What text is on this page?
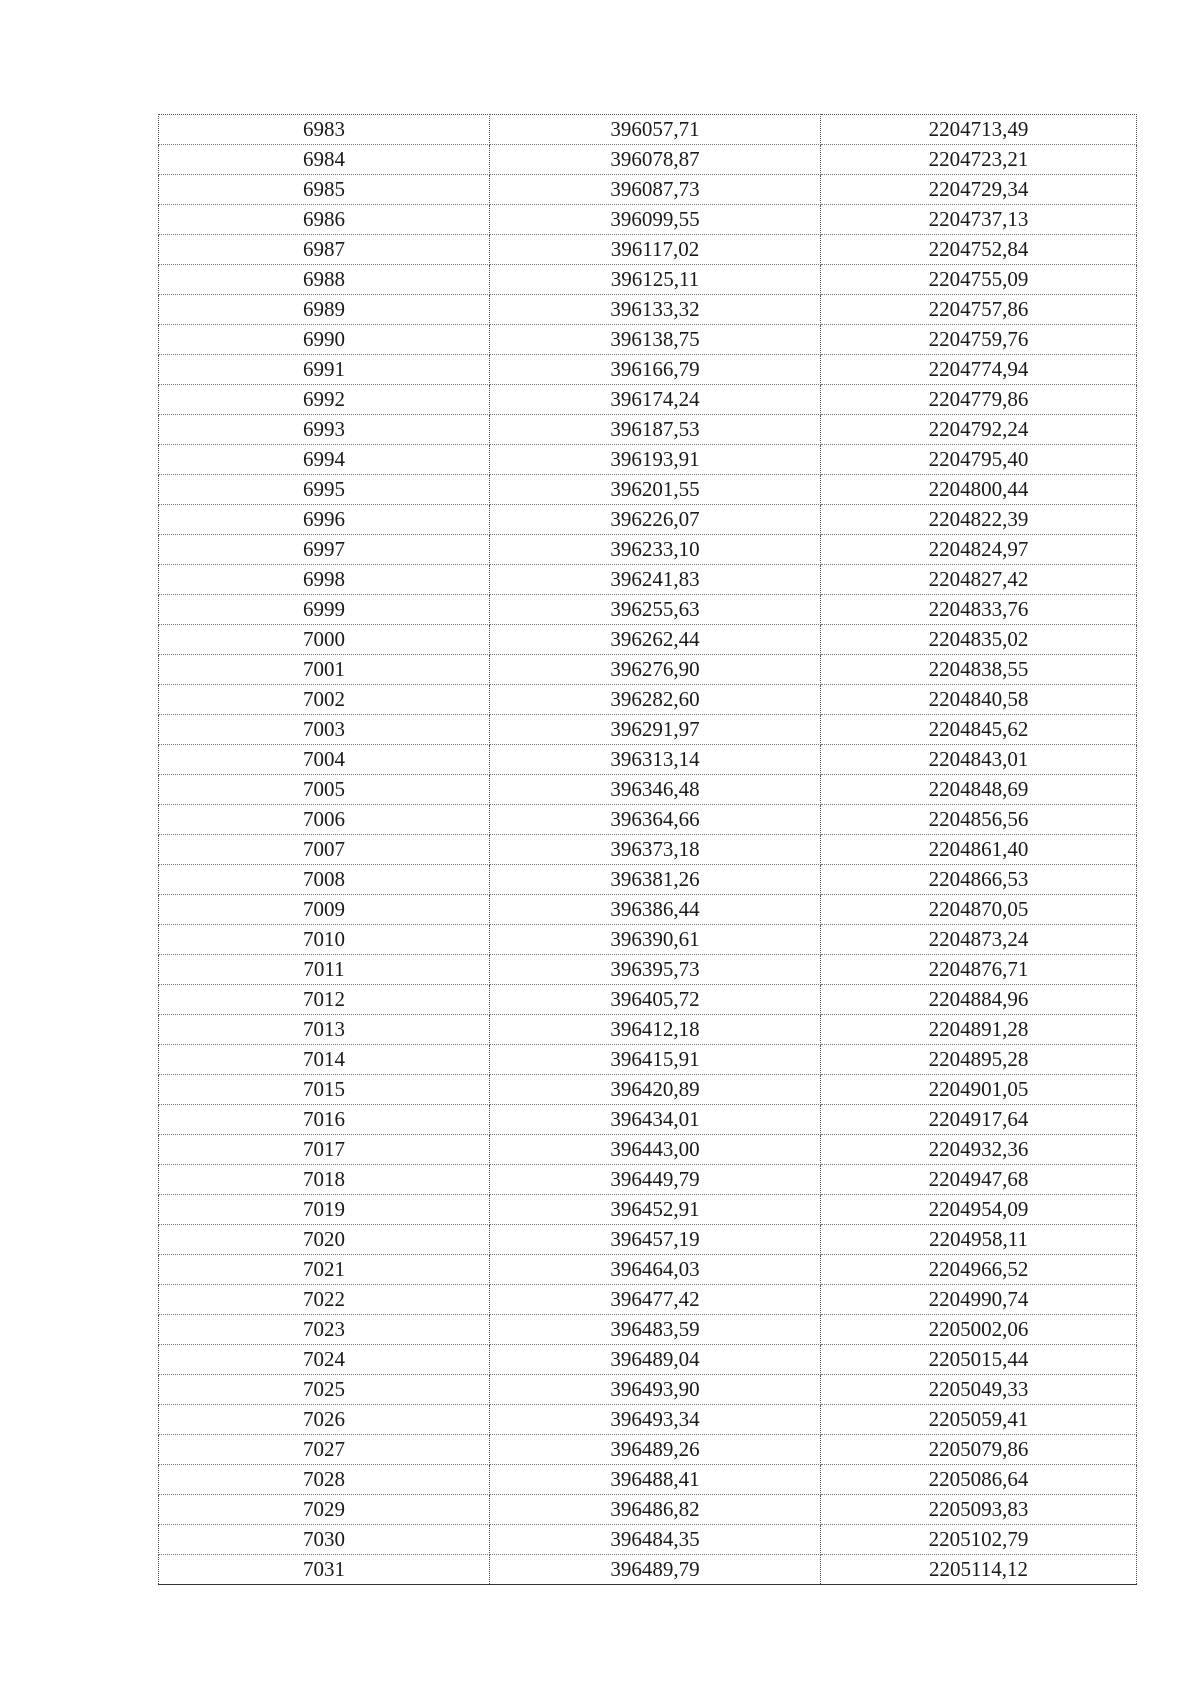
6983	396057,71	2204713,49
6984	396078,87	2204723,21
6985	396087,73	2204729,34
6986	396099,55	2204737,13
6987	396117,02	2204752,84
6988	396125,11	2204755,09
6989	396133,32	2204757,86
6990	396138,75	2204759,76
6991	396166,79	2204774,94
6992	396174,24	2204779,86
6993	396187,53	2204792,24
6994	396193,91	2204795,40
6995	396201,55	2204800,44
6996	396226,07	2204822,39
6997	396233,10	2204824,97
6998	396241,83	2204827,42
6999	396255,63	2204833,76
7000	396262,44	2204835,02
7001	396276,90	2204838,55
7002	396282,60	2204840,58
7003	396291,97	2204845,62
7004	396313,14	2204843,01
7005	396346,48	2204848,69
7006	396364,66	2204856,56
7007	396373,18	2204861,40
7008	396381,26	2204866,53
7009	396386,44	2204870,05
7010	396390,61	2204873,24
7011	396395,73	2204876,71
7012	396405,72	2204884,96
7013	396412,18	2204891,28
7014	396415,91	2204895,28
7015	396420,89	2204901,05
7016	396434,01	2204917,64
7017	396443,00	2204932,36
7018	396449,79	2204947,68
7019	396452,91	2204954,09
7020	396457,19	2204958,11
7021	396464,03	2204966,52
7022	396477,42	2204990,74
7023	396483,59	2205002,06
7024	396489,04	2205015,44
7025	396493,90	2205049,33
7026	396493,34	2205059,41
7027	396489,26	2205079,86
7028	396488,41	2205086,64
7029	396486,82	2205093,83
7030	396484,35	2205102,79
7031	396489,79	2205114,12
